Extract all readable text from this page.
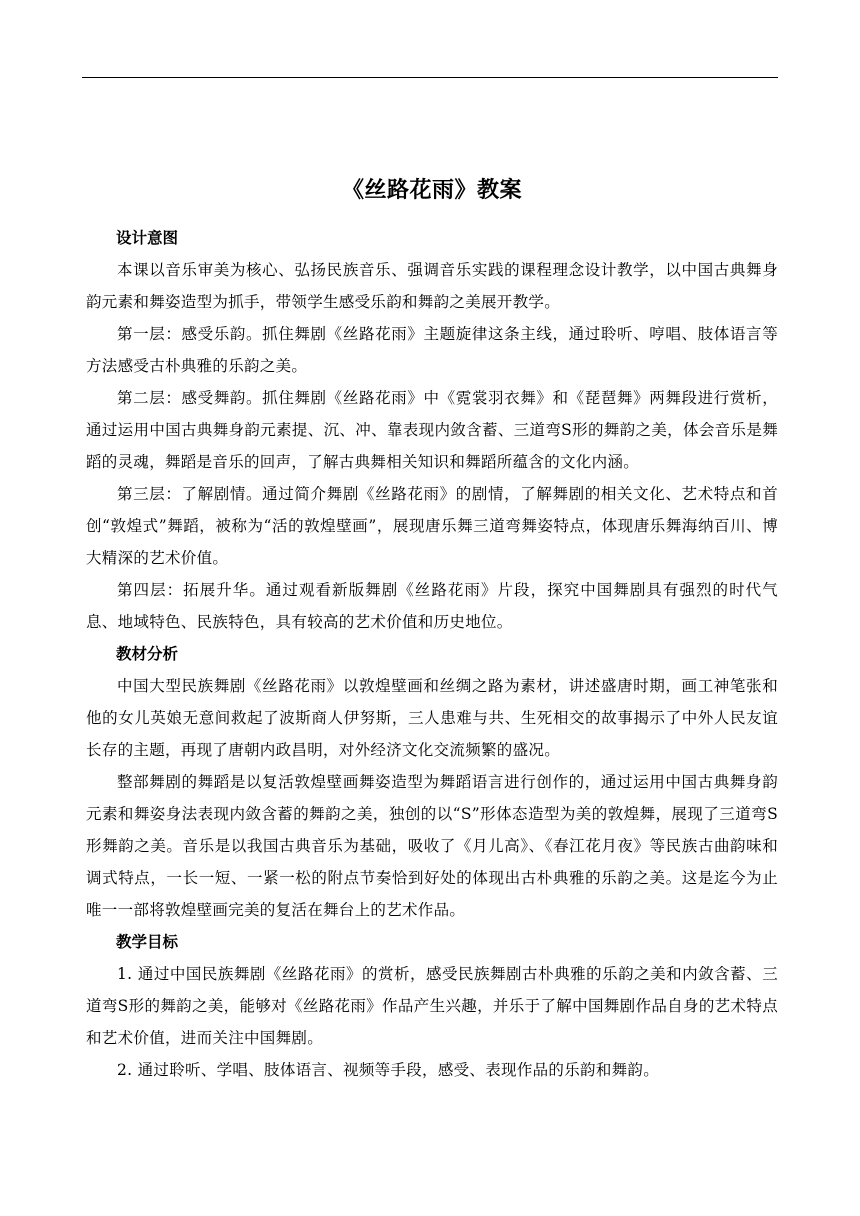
《丝路花雨》教案
设计意图

本课以音乐审美为核心、弘扬民族音乐、强调音乐实践的课程理念设计教学，以中国古典舞身韵元素和舞姿造型为抓手，带领学生感受乐韵和舞韵之美展开教学。

第一层：感受乐韵。抓住舞剧《丝路花雨》主题旋律这条主线，通过聆听、哼唱、肢体语言等方法感受古朴典雅的乐韵之美。

第二层：感受舞韵。抓住舞剧《丝路花雨》中《霓裳羽衣舞》和《琵琶舞》两舞段进行赏析，通过运用中国古典舞身韵元素提、沉、冲、靠表现内敛含蓄、三道弯S形的舞韵之美，体会音乐是舞蹈的灵魂，舞蹈是音乐的回声，了解古典舞相关知识和舞蹈所蕴含的文化内涵。

第三层：了解剧情。通过简介舞剧《丝路花雨》的剧情，了解舞剧的相关文化、艺术特点和首创“敦煌式”舞蹈，被称为“活的敦煌壁画”，展现唐乐舞三道弯舞姿特点，体现唐乐舞海纳百川、博大精深的艺术价值。

第四层：拓展升华。通过观看新版舞剧《丝路花雨》片段，探究中国舞剧具有强烈的时代气息、地域特色、民族特色，具有较高的艺术价值和历史地位。

教材分析

中国大型民族舞剧《丝路花雨》以敦煌壁画和丝绸之路为素材，讲述盛唐时期，画工神笔张和他的女儿英娘无意间救起了波斯商人伊努斯，三人患难与共、生死相交的故事揭示了中外人民友谊长存的主题，再现了唐朝内政昌明，对外经济文化交流频繁的盛况。

整部舞剧的舞蹈是以复活敦煌壁画舞姿造型为舞蹈语言进行创作的，通过运用中国古典舞身韵元素和舞姿身法表现内敛含蓄的舞韵之美，独创的以“S”形体态造型为美的敦煌舞，展现了三道弯S形舞韵之美。音乐是以我国古典音乐为基础，吸收了《月儿高》、《春江花月夜》等民族古曲韵味和调式特点，一长一短、一紧一松的附点节奏恰到好处的体现出古朴典雅的乐韵之美。这是迄今为止唯一一部将敦煌壁画完美的复活在舞台上的艺术作品。

教学目标

1. 通过中国民族舞剧《丝路花雨》的赏析，感受民族舞剧古朴典雅的乐韵之美和内敛含蓄、三道弯S形的舞韵之美，能够对《丝路花雨》作品产生兴趣，并乐于了解中国舞剧作品自身的艺术特点和艺术价值，进而关注中国舞剧。

2. 通过聆听、学唱、肢体语言、视频等手段，感受、表现作品的乐韵和舞韵。
